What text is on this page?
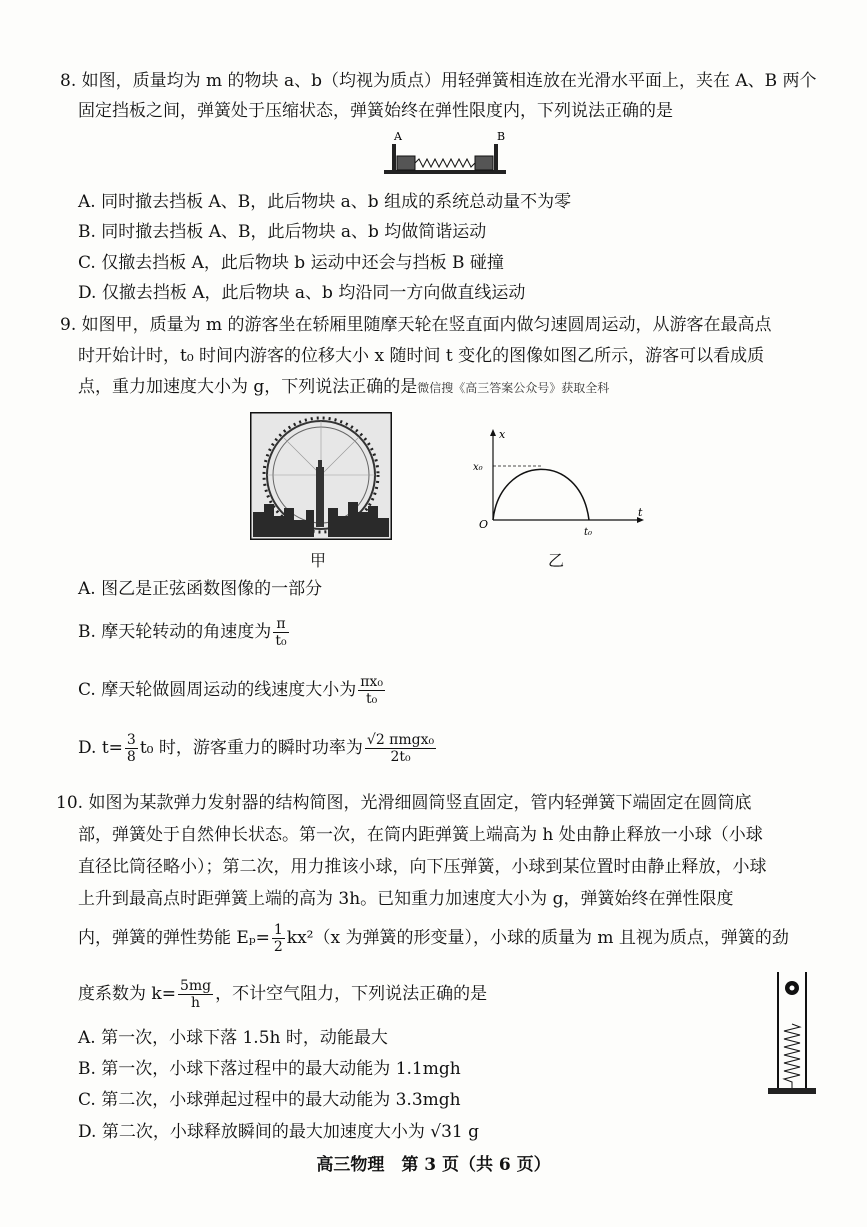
8. 如图，质量均为 m 的物块 a、b（均视为质点）用轻弹簧相连放在光滑水平面上，夹在 A、B 两个
固定挡板之间，弹簧处于压缩状态，弹簧始终在弹性限度内，下列说法正确的是
A	B
A. 同时撤去挡板 A、B，此后物块 a、b 组成的系统总动量不为零
B. 同时撤去挡板 A、B，此后物块 a、b 均做简谐运动
C. 仅撤去挡板 A，此后物块 b 运动中还会与挡板 B 碰撞
D. 仅撤去挡板 A，此后物块 a、b 均沿同一方向做直线运动
9. 如图甲，质量为 m 的游客坐在轿厢里随摩天轮在竖直面内做匀速圆周运动，从游客在最高点
时开始计时，t₀ 时间内游客的位移大小 x 随时间 t 变化的图像如图乙所示，游客可以看成质
点，重力加速度大小为 g，下列说法正确的是微信搜《高三答案公众号》获取全科
甲
x
t
O
x₀
t₀
乙
A. 图乙是正弦函数图像的一部分
B. 摩天轮转动的角速度为 $\frac{\pi}{\text{t₀}}$
C. 摩天轮做圆周运动的线速度大小为 $\frac{\text{πx₀}}{\text{t₀}}$
D. $t= \frac{3}{8} t_0$ 时，游客重力的瞬时功率为 $\frac{\text{√2 πmgx₀}}{\text{2t₀}}$
10. 如图为某款弹力发射器的结构简图，光滑细圆筒竖直固定，管内轻弹簧下端固定在圆筒底
部，弹簧处于自然伸长状态。第一次，在筒内距弹簧上端高为 h 处由静止释放一小球（小球
直径比筒径略小）；第二次，用力推该小球，向下压弹簧，小球到某位置时由静止释放，小球
上升到最高点时距弹簧上端的高为 3h。已知重力加速度大小为 g，弹簧始终在弹性限度
内，弹簧的弹性势能 $E_p= \frac{1}{2} kx^2(x$ 为弹簧的形变量），小球的质量为 m 且视为质点，弹簧的劲
度系数为 $k= \frac{5mg}{h}$ ，不计空气阻力，下列说法正确的是
A. 第一次，小球下落 1.5h 时，动能最大
B. 第一次，小球下落过程中的最大动能为 1.1mgh
C. 第二次，小球弹起过程中的最大动能为 3.3mgh
D. 第二次，小球释放瞬间的最大加速度大小为 √31 g
高三物理　第 3 页（共 6 页）
